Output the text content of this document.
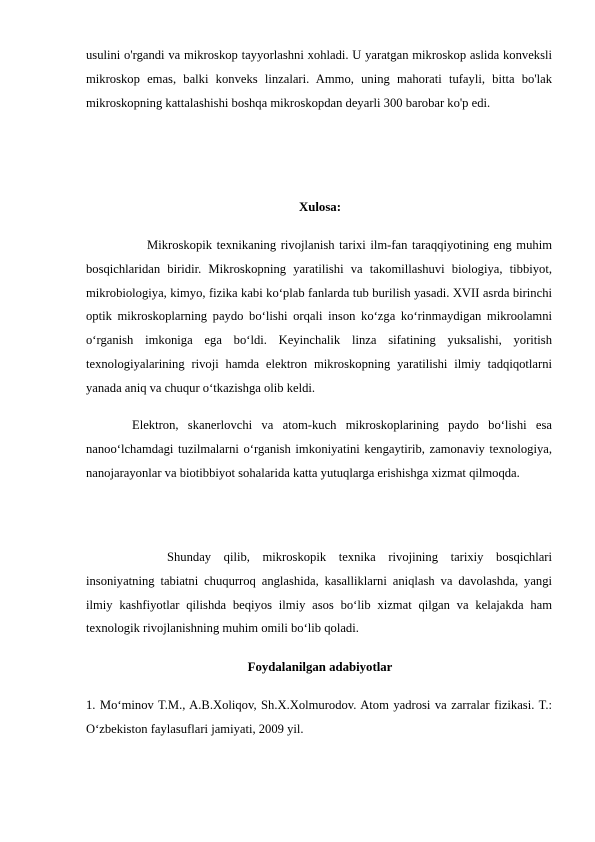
usulini o'rgandi va mikroskop tayyorlashni xohladi. U yaratgan mikroskop aslida konveksli mikroskop emas, balki konveks linzalari. Ammo, uning mahorati tufayli, bitta bo'lak mikroskopning kattalashishi boshqa mikroskopdan deyarli 300 barobar ko'p edi.

Xulosa:

Mikroskopik texnikaning rivojlanish tarixi ilm-fan taraqqiyotining eng muhim bosqichlaridan biridir. Mikroskopning yaratilishi va takomillashuvi biologiya, tibbiyot, mikrobiologiya, kimyo, fizika kabi ko‘plab fanlarda tub burilish yasadi. XVII asrda birinchi optik mikroskoplarning paydo bo‘lishi orqali inson ko‘zga ko‘rinmaydigan mikroolamni o‘rganish imkoniga ega bo‘ldi. Keyinchalik linza sifatining yuksalishi, yoritish texnologiyalarining rivoji hamda elektron mikroskopning yaratilishi ilmiy tadqiqotlarni yanada aniq va chuqur o‘tkazishga olib keldi.

Elektron, skanerlovchi va atom-kuch mikroskoplarining paydo bo‘lishi esa nanoo‘lchamdagi tuzilmalarni o‘rganish imkoniyatini kengaytirib, zamonaviy texnologiya, nanojarayonlar va biotibbiyot sohalarida katta yutuqlarga erishishga xizmat qilmoqda.

Shunday qilib, mikroskopik texnika rivojining tarixiy bosqichlari insoniyatning tabiatni chuqurroq anglashida, kasalliklarni aniqlash va davolashda, yangi ilmiy kashfiyotlar qilishda beqiyos ilmiy asos bo‘lib xizmat qilgan va kelajakda ham texnologik rivojlanishning muhim omili bo‘lib qoladi.

Foydalanilgan adabiyotlar

1. Mo‘minov T.M., A.B.Xoliqov, Sh.X.Xolmurodov. Atom yadrosi va zarralar fizikasi. T.: O‘zbekiston faylasuflari jamiyati, 2009 yil.
